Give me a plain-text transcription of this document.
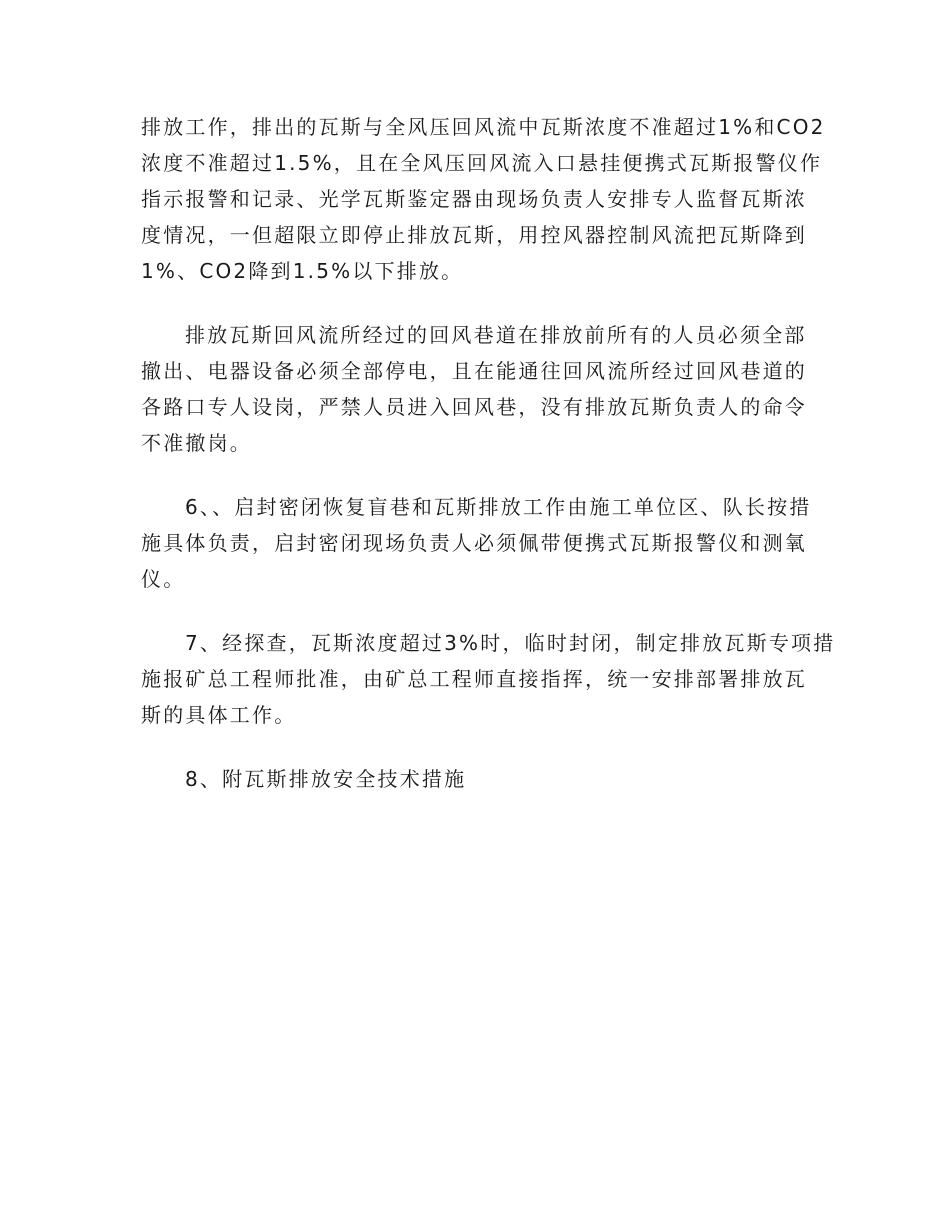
排放工作，排出的瓦斯与全风压回风流中瓦斯浓度不准超过1%和CO2
浓度不准超过1.5%，且在全风压回风流入口悬挂便携式瓦斯报警仪作
指示报警和记录、光学瓦斯鉴定器由现场负责人安排专人监督瓦斯浓
度情况，一但超限立即停止排放瓦斯，用控风器控制风流把瓦斯降到
1%、CO2降到1.5%以下排放。
排放瓦斯回风流所经过的回风巷道在排放前所有的人员必须全部
撤出、电器设备必须全部停电，且在能通往回风流所经过回风巷道的
各路口专人设岗，严禁人员进入回风巷，没有排放瓦斯负责人的命令
不准撤岗。
6、、启封密闭恢复盲巷和瓦斯排放工作由施工单位区、队长按措
施具体负责，启封密闭现场负责人必须佩带便携式瓦斯报警仪和测氧
仪。
7、经探查，瓦斯浓度超过3%时，临时封闭，制定排放瓦斯专项措
施报矿总工程师批准，由矿总工程师直接指挥，统一安排部署排放瓦
斯的具体工作。
8、附瓦斯排放安全技术措施
